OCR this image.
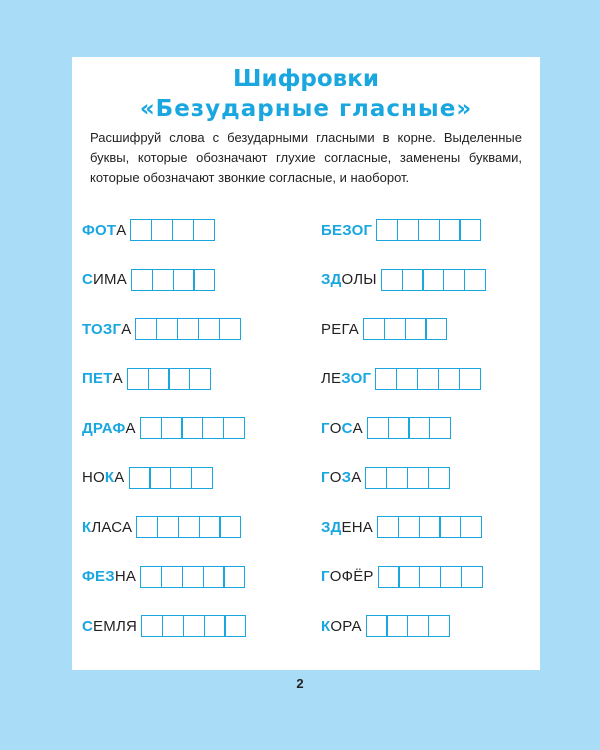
Шифровки
«Безударные гласные»
Расшифруй слова с безударными гласными в корне. Выделенные буквы, которые обозначают глухие согласные, заменены буквами, которые обозначают звонкие согласные, и наоборот.
ФОТА
СИМА
ТОЗГА
ПЕТА
ДРАФА
НОКА
КЛАСА
ФЕЗНА
СЕМЛЯ
БЕЗОГ
ЗДОЛЫ
РЕГА
ЛЕЗОГ
ГОСА
ГОЗА
ЗДЕНА
ГОФЁР
КОРА
2
